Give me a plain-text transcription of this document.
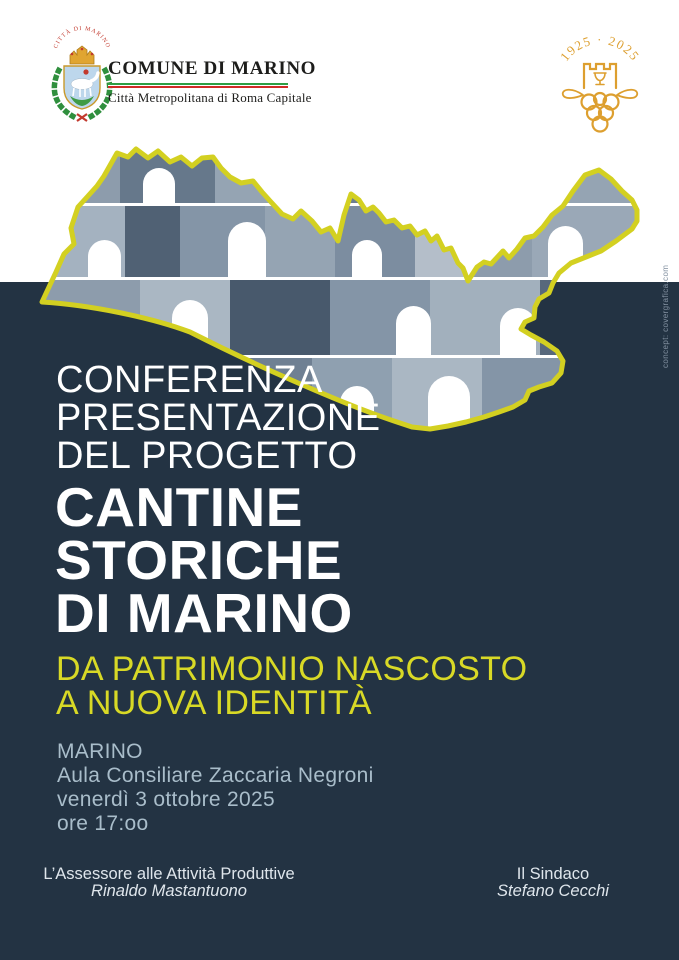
CITTÀ DI MARINO
1925 · 2025
COMUNE DI MARINO
Città Metropolitana di Roma Capitale
CONFERENZA
PRESENTAZIONE
DEL PROGETTO
CANTINE
STORICHE
DI MARINO
DA PATRIMONIO NASCOSTO
A NUOVA IDENTITÀ
MARINO
Aula Consiliare Zaccaria Negroni
venerdì 3 ottobre 2025
ore 17:oo
L’Assessore alle Attività Produttive
Rinaldo Mastantuono
Il Sindaco
Stefano Cecchi
concept: covergrafica.com
